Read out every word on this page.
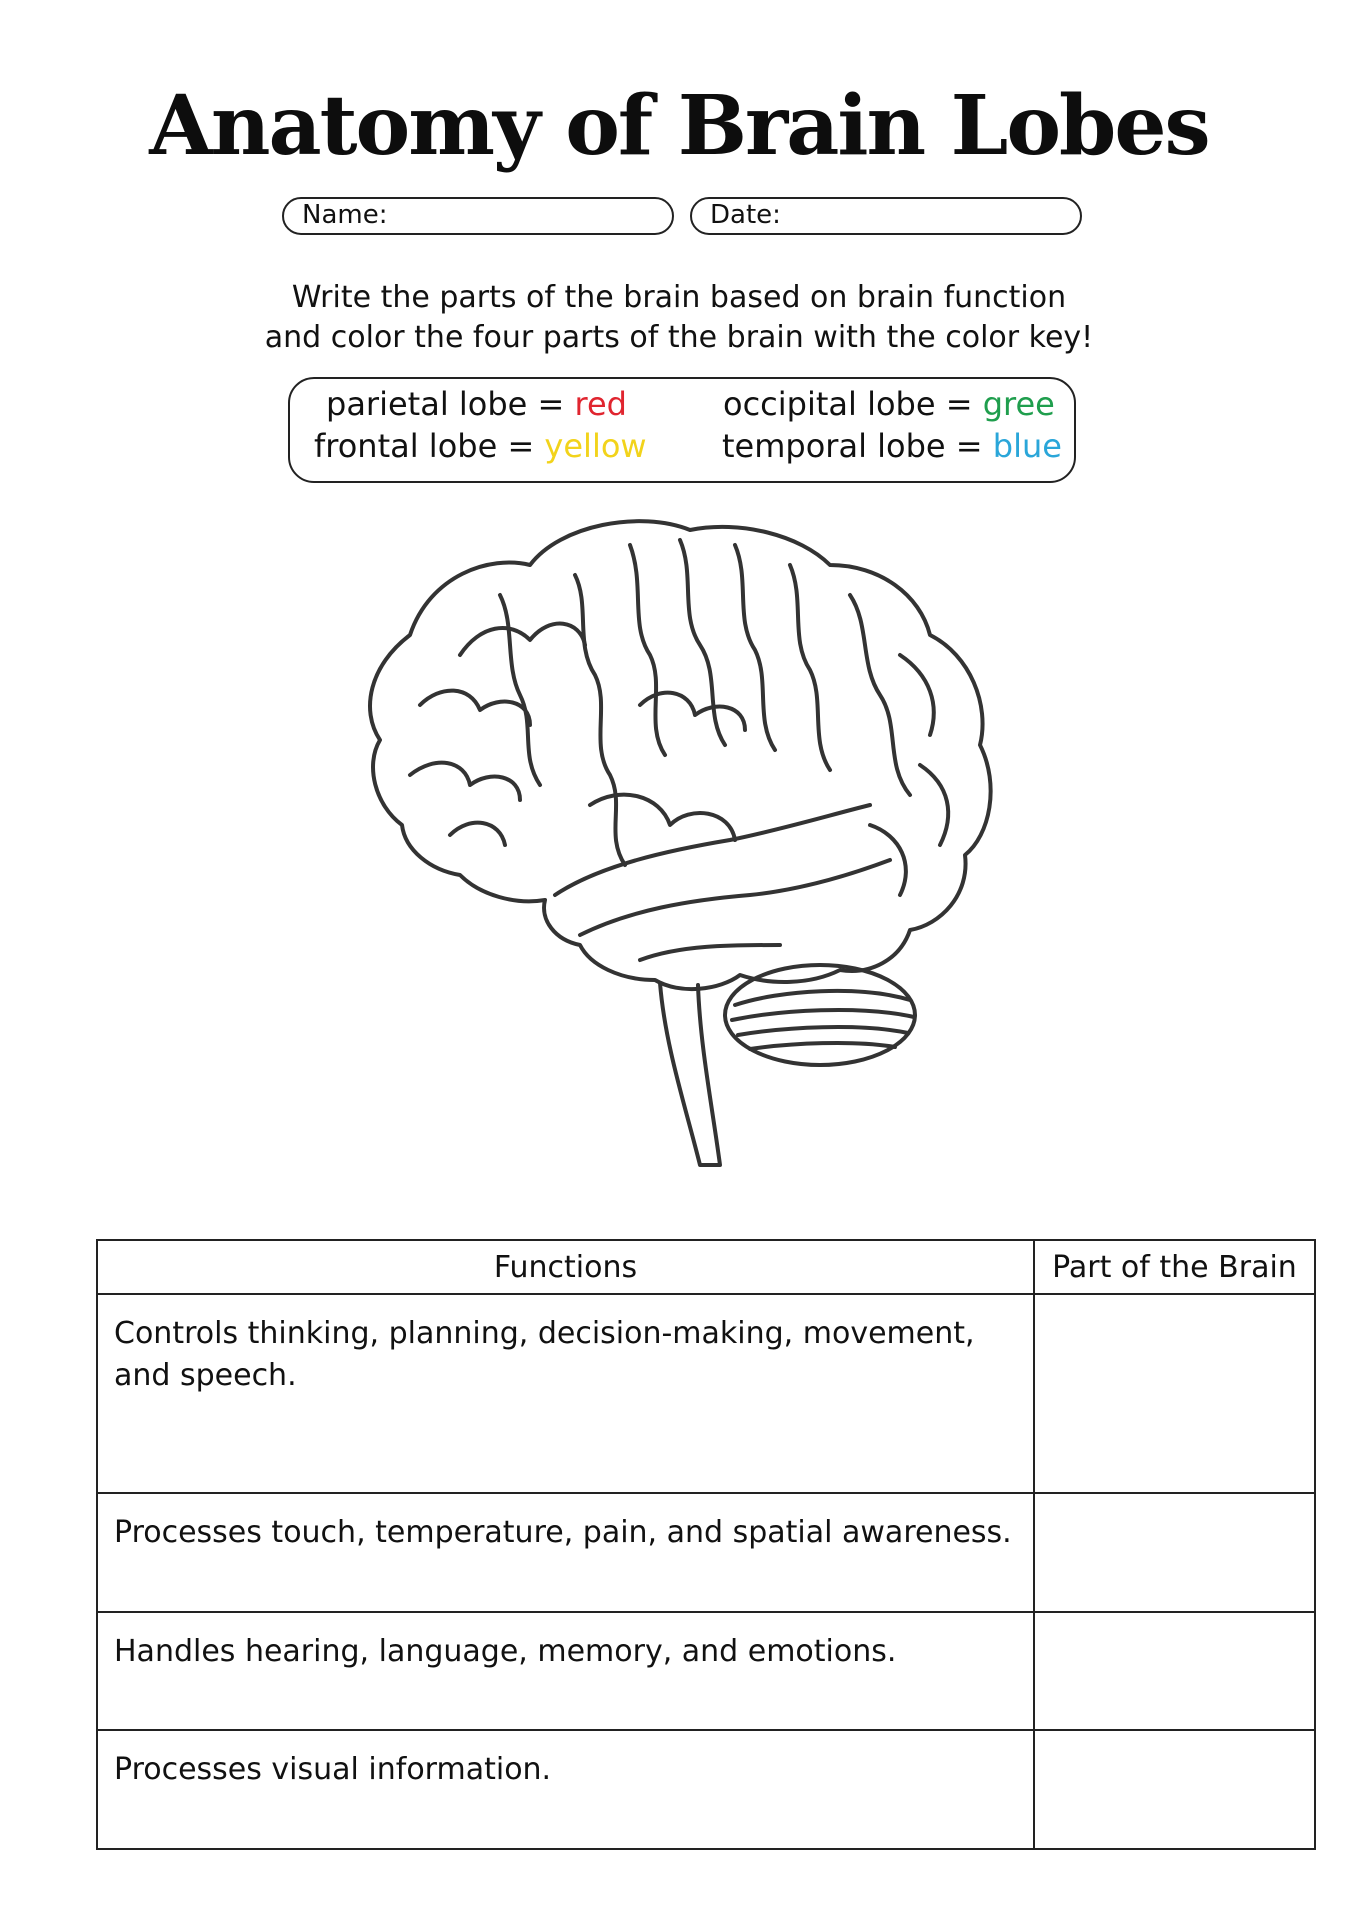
Anatomy of Brain Lobes
Name:	Date:
Write the parts of the brain based on brain function
and color the four parts of the brain with the color key!
parietal lobe = red
frontal lobe = yellow
occipital lobe = gree
temporal lobe = blue
Functions	Part of the Brain
Controls thinking, planning, decision-making, movement, and speech.	
Processes touch, temperature, pain, and spatial awareness.	
Handles hearing, language, memory, and emotions.	
Processes visual information.	
